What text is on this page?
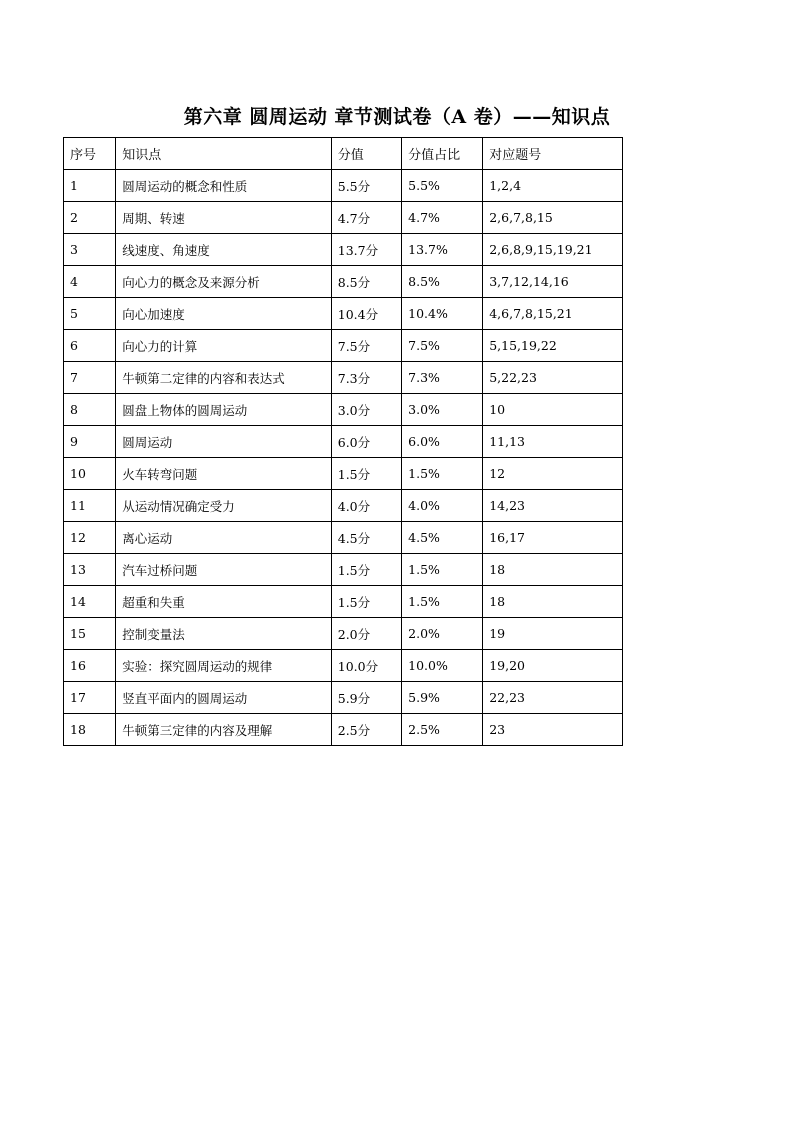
第六章 圆周运动 章节测试卷（A 卷）——知识点
序号	知识点	分值	分值占比	对应题号
1	圆周运动的概念和性质	5.5分	5.5%	1,2,4
2	周期、转速	4.7分	4.7%	2,6,7,8,15
3	线速度、角速度	13.7分	13.7%	2,6,8,9,15,19,21
4	向心力的概念及来源分析	8.5分	8.5%	3,7,12,14,16
5	向心加速度	10.4分	10.4%	4,6,7,8,15,21
6	向心力的计算	7.5分	7.5%	5,15,19,22
7	牛顿第二定律的内容和表达式	7.3分	7.3%	5,22,23
8	圆盘上物体的圆周运动	3.0分	3.0%	10
9	圆周运动	6.0分	6.0%	11,13
10	火车转弯问题	1.5分	1.5%	12
11	从运动情况确定受力	4.0分	4.0%	14,23
12	离心运动	4.5分	4.5%	16,17
13	汽车过桥问题	1.5分	1.5%	18
14	超重和失重	1.5分	1.5%	18
15	控制变量法	2.0分	2.0%	19
16	实验：探究圆周运动的规律	10.0分	10.0%	19,20
17	竖直平面内的圆周运动	5.9分	5.9%	22,23
18	牛顿第三定律的内容及理解	2.5分	2.5%	23
